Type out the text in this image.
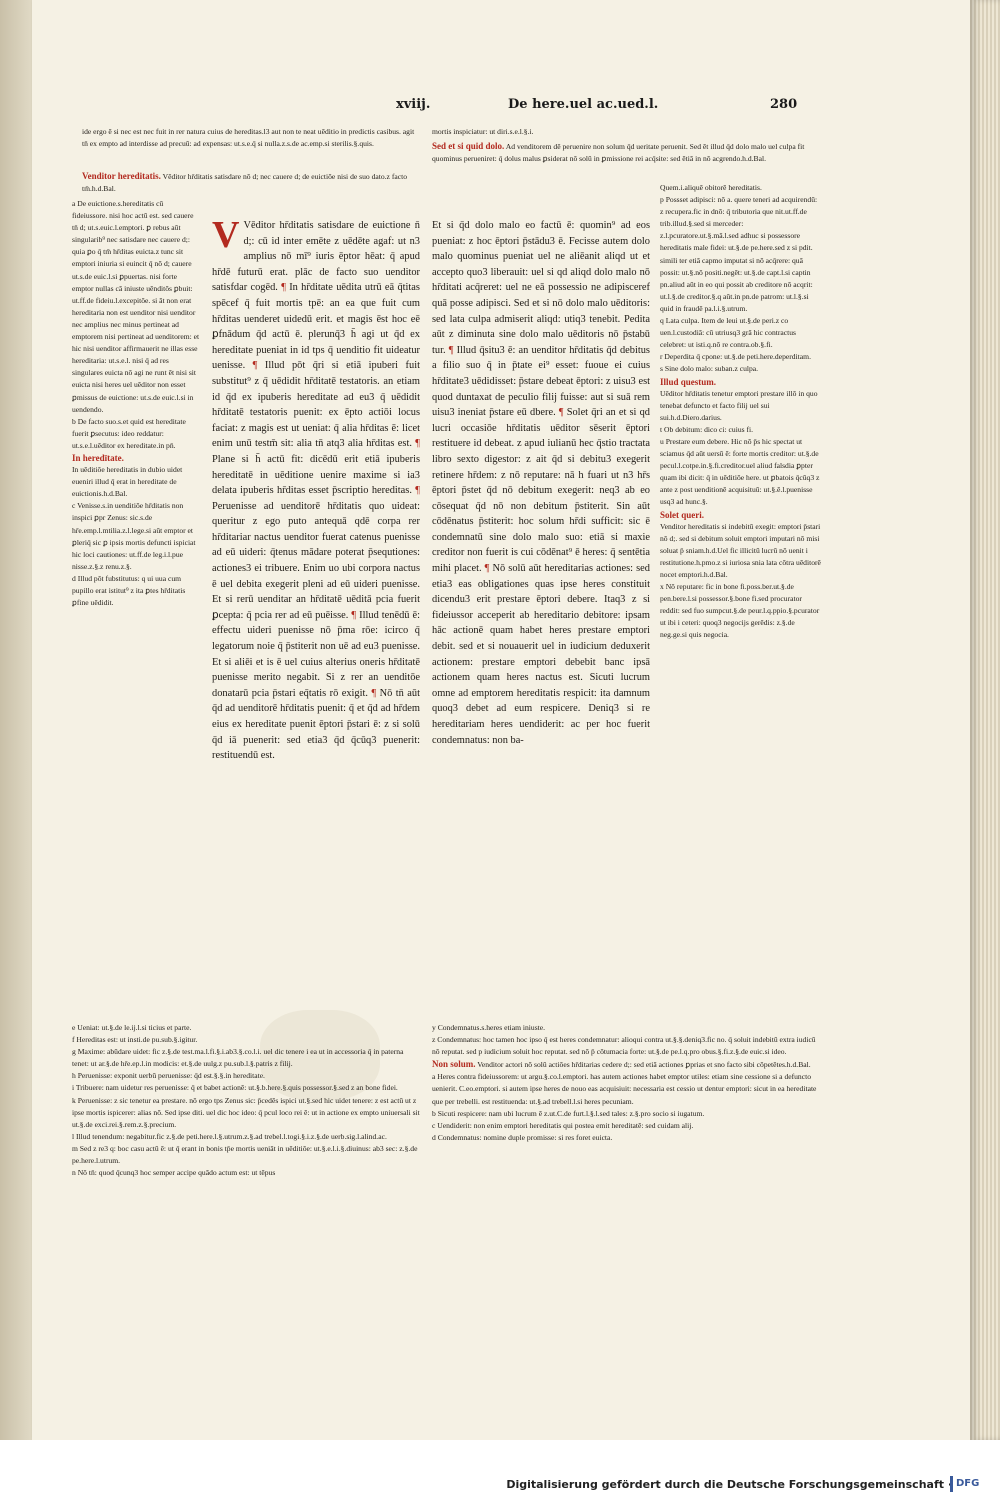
xviij.	De here.uel ac.ued.l.	280

ide ergo ē si nec est nec fuit in rer natura cuius de hereditas.l3 aut non te neat uēditio in predictis casibus. agit tn̄ ex empto ad interdisse ad precuū: ad expensas: ut.s.e.q̄ si nulla.z.s.de ac.emp.si sterilis.§.quis.

Venditor hereditatis. Vēditor hr̄ditatis satisdare nō d; nec cauere d; de euictiōe nisi de suo dato.z facto tm̄.h.d.Bal.

mortis inspiciatur: ut diri.s.e.l.§.i.

Sed et si quid dolo. Ad venditorem dē peruenire non solum q̄d ueritate peruenit. Sed ēt illud q̄d dolo malo uel culpa fit quominus perueniret: q̄ dolus malus ꝑsiderat nō solū in ꝑmissione rei acq̄site: sed ētiā in nō acgrendo.h.d.Bal.

a De euictione.s.hereditatis cū fideiussore. nisi hoc actū est. sed cauere tn̄ d; ut.s.euic.l.emptori. ꝑ rebus aūt singularib⁹ nec satisdare nec cauere d;: quia ꝑo q̄ tm̄ hr̄ditas euicta.z tunc sit emptori iniuria si euincit q̄ nō d; cauere ut.s.de euic.l.si ꝑpuertas. nisi forte emptor nullas cā iniuste uēnditōs ꝑbuit: ut.ff.de fideiu.l.excepitōe. si āt non erat hereditaria non est uenditor nisi uenditor nec amplius nec minus pertineat ad emptorem nisi pertineat ad uenditorem: et hic nisi uenditor affirmauerit ne illas esse hereditaria: ut.s.e.l. nisi q̄ ad res singulares euicta nō agi ne runt ēt nisi sit euicta nisi heres uel uēditor non esset ꝑmissus de euictione: ut.s.de euic.l.si in uendendo.

b De facto suo.s.et quid est hereditate fuerit ꝑsecutus: ideo reddatur: ut.s.e.l.uēditor ex hereditate.in pn̄.

In heredītate.

In uēditiōe hereditatis in dubio uidet eueniri illud q̄ erat in hereditate de euictionis.h.d.Bal.

c Venisse.s.in uenditiōe hr̄ditatis non inspici ꝑpr Zenus: sic.s.de hr̄e.emp.l.mtilia.z.l.lege.si aūt emptor et ꝑleriq̄ sic ꝑ ipsis mortis defuncti ispiciat hic loci cautiones: ut.ff.de leg.i.l.pue nisse.z.§.z renu.z.§.

d Illud pōt fubstitutus: q ui uua cum pupillo erat istitut⁹ z ita ꝑtes hr̄ditatis ꝑfine uēdidit.

V Vēditor hr̄ditatis satisdare de euictione n̄ d;: cū id inter emēte z uēdēte agaf: ut n3 amplius nō mī⁹ iuris ēptor hēat: q̄ apud hr̄dē futurū erat. plāc de facto suo uenditor satisfdar cogēd. ¶ In hr̄ditate uēdita utrū eā q̄titas spēcef q̄ fuit mortis tpē: an ea que fuit cum hr̄ditas uenderet uidedū erit. et magis ēst hoc eē ꝑfnādum q̄d actū ē. plerunq̄3 h̄ agi ut q̄d ex hereditate pueniat in id tps q̄ uenditio fit uideatur uenisse. ¶ Illud pōt q̄ri si etiā ipuberi fuit substitut⁹ z q̄ uēdidit hr̄ditatē testatoris. an etiam id q̄d ex ipuberis hereditate ad eu3 q̄ uēdidit hr̄ditatē testatoris puenit: ex ēpto actiōi locus faciat: z magis est ut ueniat: q̄ alia hr̄ditas ē: licet enim unū testm̄ sit: alia tn̄ atq3 alia hr̄ditas est. ¶ Plane si h̄ actū fit: dicēdū erit etiā ipuberis hereditatē in uēditione uenire maxime si ia3 delata ipuberis hr̄ditas esset p̄scriptio hereditas. ¶ Peruenisse ad uenditorē hr̄ditatis quo uideat: queritur z ego puto antequā qdē corpa rer hr̄ditariar nactus uenditor fuerat catenus puenisse ad eū uideri: q̄tenus mādare poterat p̄sequtiones: actiones3 ei tribuere. Enim uo ubi corpora nactus ē uel debita exegerit pleni ad eū uideri puenisse. Et si rerū uenditar an hr̄ditatē uēditā pcia fuerit ꝑcepta: q̄ pcia rer ad eū puēisse. ¶ Illud tenēdū ē: effectu uideri puenisse nō p̄ma rōe: icirco q̄ legatorum noie q̄ p̄stiterit non uē ad eu3 puenisse. Et si aliēi et is ē uel cuius alterius oneris hr̄ditatē puenisse merito negabit. Si z rer an uenditōe donatarū pcia p̄stari eq̄tatis rō exigit. ¶ Nō tn̄ aūt q̄d ad uenditorē hr̄ditatis puenit: q̄ et q̄d ad hr̄dem eius ex hereditate puenit ēptori p̄stari ē: z si solū q̄d iā puenerit: sed etia3 q̄d q̄cūq3 puenerit: restituendū est.

Et si q̄d dolo malo eo factū ē: quomin⁹ ad eos pueniat: z hoc ēptori p̄stādu3 ē. Fecisse autem dolo malo quominus pueniat uel ne aliēanit aliqd ut et accepto quo3 liberauit: uel si qd aliqd dolo malo nō hr̄ditati acq̄reret: uel ne eā possessio ne adipisceref quā posse adipisci. Sed et si nō dolo malo uēditoris: sed lata culpa admiserit aliqd: utiq3 tenebit. Pedita aūt z diminuta sine dolo malo uēditoris nō p̄stabū tur. ¶ Illud q̄situ3 ē: an uenditor hr̄ditatis q̄d debitus a filio suo q̄ in p̄tate ei⁹ esset: fuoue ei cuius hr̄ditate3 uēdidisset: p̄stare debeat ēptori: z uisu3 est quod duntaxat de peculio filij fuisse: aut si suā rem uisu3 ineniat p̄stare eū dbere. ¶ Solet q̄ri an et si qd lucri occasiōe hr̄ditatis uēditor sēserit ēptori restituere id debeat. z apud iulianū hec q̄stio tractata libro sexto digestor: z ait q̄d si debitu3 exegerit retinere hr̄dem: z nō reputare: nā h fuari ut n3 hr̄s ēptori p̄stet q̄d nō debitum exegerit: neq3 ab eo cōsequat q̄d nō non debitum p̄stiterit. Sin aūt cōdēnatus p̄stiterit: hoc solum hr̄di sufficit: sic ē condemnatū sine dolo malo suo: etiā si maxie creditor non fuerit is cui cōdēnat⁹ ē heres: q̄ sentētia mihi placet. ¶ Nō solū aūt hereditarias actiones: sed etia3 eas obligationes quas ipse heres constituit dicendu3 erit prestare ēptori debere. Itaq3 z si fideiussor acceperit ab hereditario debitore: ipsam hāc actionē quam habet heres prestare emptori debit. sed et si nouauerit uel in iudicium deduxerit actionem: prestare emptori debebit banc ipsā actionem quam heres nactus est. Sicuti lucrum omne ad emptorem hereditatis respicit: ita damnum quoq3 debet ad eum respicere. Deniq3 si re hereditariam heres uendiderit: ac per hoc fuerit condemnatus: non ba-

Quem.i.aliquē obitorē hereditatis.

p Possset adipisci: nō a. quere teneri ad acquirendū: z recupera.fic in dnō: q̄ tributoria que nit.ut.ff.de trib.illud.§.sed si merceder: z.l.pcuratore.ut.§.mā.l.sed adhuc si possessore hereditatis male fidei: ut.§.de pe.here.sed z si pdit. simili ter etiā capmo imputat si nō acq̄rere: quā possit: ut.§.nō positi.negēt: ut.§.de capt.l.si captin pn.aliud aūt in eo qui possit ab creditore nō acqrit: ut.l.§.de creditor.§.q aūt.in pn.de patrom: ut.l.§.si quid in fraudē pa.l.i.§.utrum.

q Lata culpa. Item de leui ut.§.de peri.z co uen.l.custodiā: cū utriusq3 grā hic contractus celebret: ut isti.q.nō re contra.ob.§.fi.

r Deperdita q̄ cpone: ut.§.de peti.here.deperditam.

s Sine dolo malo: suban.z culpa.

Illud questum.

Uēditor hr̄ditatis tenetur emptori prestare illō in quo tenebat defuncto et facto filij uel sui sui.h.d.Diero.darius.

t Ob debitum: dico ci: cuius fi.

u Prestare eum debere. Hic nō p̄s hic spectat ut sciamus q̄d aūt uersū ē: forte mortis creditor: ut.§.de pecul.l.cotpe.in.§.fi.creditor.uel aliud falsdia ꝑpter quam ibi dicit: q̄ in uēditiōe here. ut ꝑbatois q̄cūq3 z ante z post uenditionē acquisituū: ut.§.ē.l.puenisse usq3 ad hunc.§.

Solet queri.

Venditor hereditatis si indebitū exegit: emptori p̄stari nō d;. sed si debitum soluit emptori imputari nō misi soluat p̄ sniam.h.d.Uel fic illicitū lucrū nō uenit i restitutione.h.pmo.z si iuriosa snia lata cōtra uēditorē nocet emptori.h.d.Bal.

x Nō reputare: fic in bone fi.poss.ber.ut.§.de pen.bere.l.si possessor.§.bone fi.sed procurator reddit: sed fuo sumpcut.§.de peur.l.q.ppio.§.pcurator ut ibi i ceteri: quoq3 negocijs gerēdis: z.§.de neg.ge.si quis negocia.

e Ueniat: ut.§.de le.ij.l.si ticius et parte.

f Hereditas est: ut insti.de pu.sub.§.igitur.

g Maxime: abūdare uidet: fic z.§.de test.ma.l.fi.§.i.ab3.§.co.l.i. uel dic tenere i ea ut in accessoria q̄ in paterna tenet: ut ar.§.de hr̄e.ep.l.in modicis: et.§.de uulg.z pu.sub.l.§.patris z filij.

h Peruenisse: exponit uerbū peruenisse: q̄d est.§.§.in hereditate.

i Tribuere: nam uidetur res peruenisse: q̄ et babet actionē: ut.§.b.here.§.quis possessor.§.sed z an bone fidei.

k Peruenisse: z sic tenetur ea prestare. nō ergo tps Zenus sic: p̄cedēs ispici ut.§.sed hic uidet tenere: z est actū ut z ipse mortis ispicerer: alias nō. Sed ipse diti. uel dic hoc ideo: q̄ pcul loco rei ē: ut in actione ex empto uniuersali sit ut.§.de exci.rei.§.rem.z.§.precium.

l Illud tenendum: negabitur.fic z.§.de peti.here.l.§.utrum.z.§.ad trebel.l.togi.§.i.z.§.de uerb.sig.l.alind.ac.

m Sed z re3 q: boc casu actū ē: ut q̄ erant in bonis tp̄e mortis ueniāt in uēditiōe: ut.§.e.l.i.§.diuinus: ab3 sec: z.§.de pe.here.l.utrum.

n Nō tn̄: quod q̄cunq3 hoc semper accipe quādo actum est: ut tēpus

y Condemnatus.s.heres etiam iniuste.

z Condemnatus: hoc tamen hoc ipso q̄ est heres condemnatur: alioqui contra ut.§.§.deniq3.fic no. q̄ soluit indebitū extra iudicū nō reputat. sed p iudicium soluit hoc reputat. sed nō p̄ cōtumacia forte: ut.§.de pe.l.q.pro obus.§.fi.z.§.de euic.si ideo.

Non solum. Venditor actori nō solū actiōes hr̄ditarias cedere d;: sed etiā actiones ꝑprias et sno facto sibi cōpetētes.h.d.Bal.

a Heres contra fideiussorem: ut argu.§.co.l.emptori. has autem actiones habet emptor utiles: etiam sine cessione si a defuncto uenierit. C.eo.emptori. si autem ipse heres de nouo eas acquisiuit: necessaria est cessio ut dentur emptori: sicut in ea hereditate que per trebelli. est restituenda: ut.§.ad trebell.l.si heres pecuniam.

b Sicuti respicere: nam ubi lucrum ē z.ut.C.de furt.l.§.l.sed tales: z.§.pro socio si iugatum.

c Uendiderit: non enim emptori hereditatis qui postea emit hereditatē: sed cuidam alij.

d Condemnatus: nomine duple promisse: si res foret euicta.

Digitalisierung gefördert durch die Deutsche Forschungsgemeinschaft · DFG
